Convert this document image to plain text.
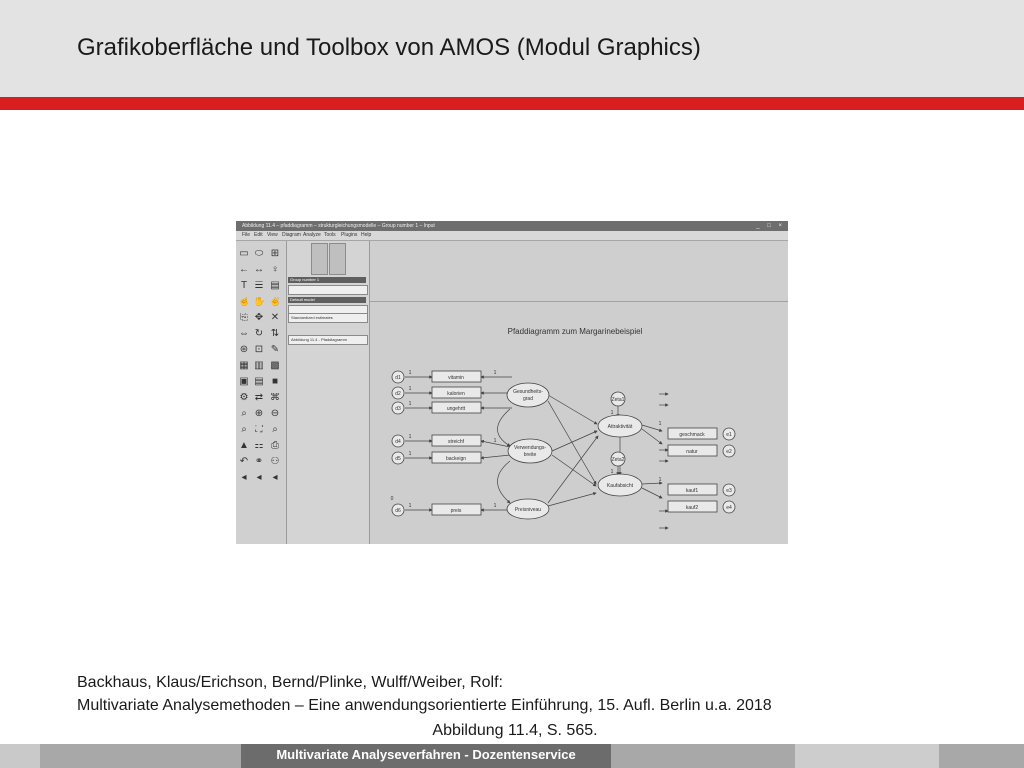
Grafikoberfläche und Toolbox von AMOS (Modul Graphics)
Abbildung 11.4 – pfaddiagramm – strukturgleichungsmodelle – Group number 1 – Input	_ □ ×
File Edit View Diagram Analyze Tools Plugins Help
▭ ⬭ ⊞
← ↔ ♀
T ☰ ▤
☝ ✋ ✌
⎘ ✥ ✕
⇔ ↻ ⇅
⊛ ⊡ ✎
▦ ▥ ▩
▣ ▤ ■
⚙ ⇄ ⌘
⌕ ⊕ ⊖
⌕ ⛶ ⌕
▲ ⚏ ⎙
↶ ⚭ ⚇
◂ ◂	◂
Group number 1
Default model
Standardized estimates
Abbildung 11.4 - Pfaddiagramm
Pfaddiagramm zum Margarinebeispiel
vitamin
kalorien
ungehrtt
streichf
backeign
preis
geschmack
natur
kauf1
kauf2
d1
d2
d3
d4
d5
d6
e1
e2
e3
e4
Gesundheits-
grad
Verwendungs-
breite
Preisniveau
Attraktivität
Kaufabsicht
Zeta1
Zeta2
1
1
1
1
1
1
1
1
1
1
1
1
1
0
Backhaus, Klaus/Erichson, Bernd/Plinke, Wulff/Weiber, Rolf:
Multivariate Analysemethoden – Eine anwendungsorientierte Einführung, 15. Aufl. Berlin u.a. 2018
Abbildung 11.4, S. 565.
Multivariate Analyseverfahren - Dozentenservice
